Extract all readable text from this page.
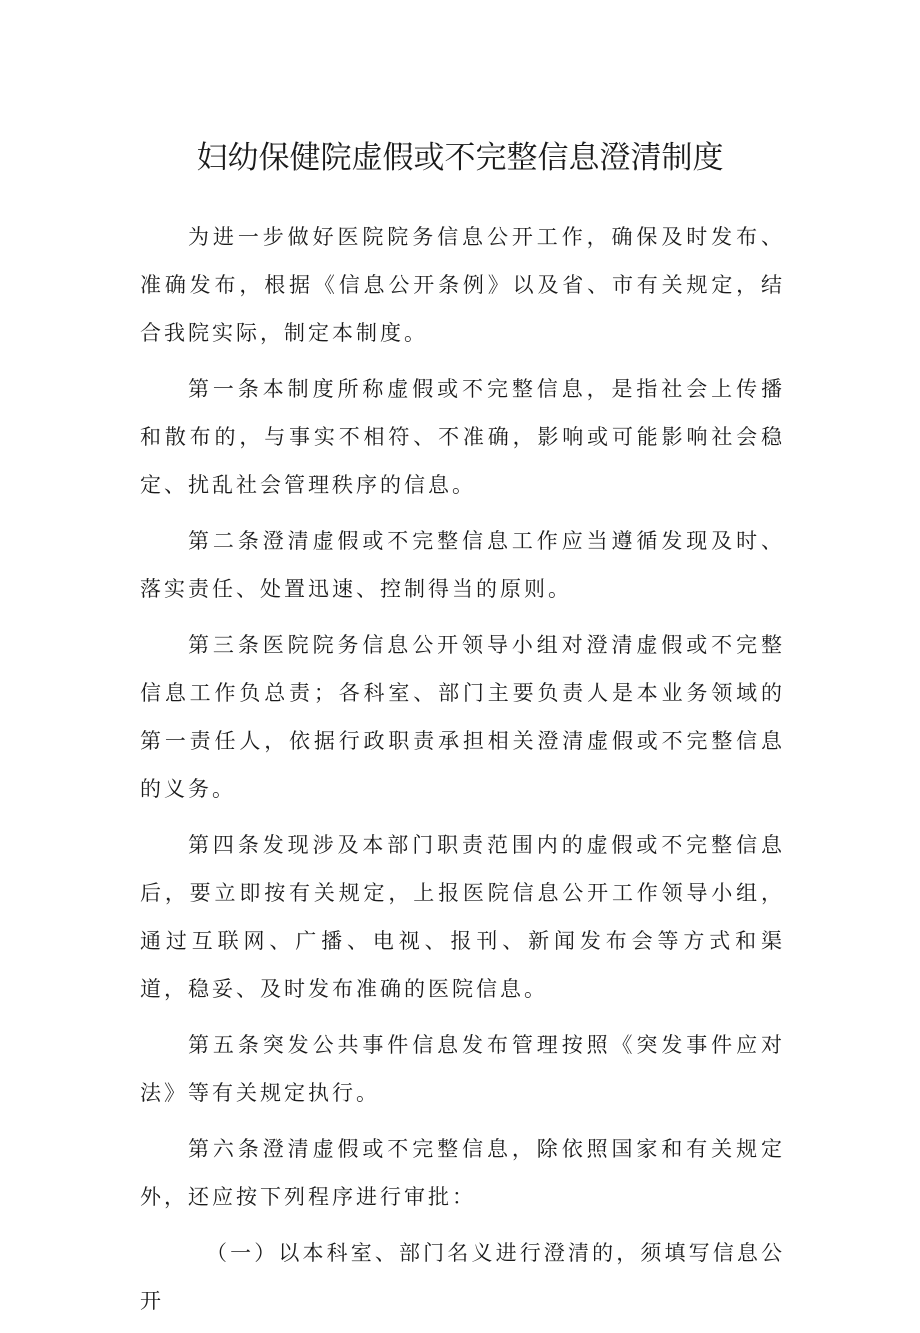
妇幼保健院虚假或不完整信息澄清制度

为进一步做好医院院务信息公开工作，确保及时发布、准确发布，根据《信息公开条例》以及省、市有关规定，结合我院实际，制定本制度。

第一条本制度所称虚假或不完整信息，是指社会上传播和散布的，与事实不相符、不准确，影响或可能影响社会稳定、扰乱社会管理秩序的信息。

第二条澄清虚假或不完整信息工作应当遵循发现及时、落实责任、处置迅速、控制得当的原则。

第三条医院院务信息公开领导小组对澄清虚假或不完整信息工作负总责；各科室、部门主要负责人是本业务领域的第一责任人，依据行政职责承担相关澄清虚假或不完整信息的义务。

第四条发现涉及本部门职责范围内的虚假或不完整信息后，要立即按有关规定，上报医院信息公开工作领导小组，通过互联网、广播、电视、报刊、新闻发布会等方式和渠道，稳妥、及时发布准确的医院信息。

第五条突发公共事件信息发布管理按照《突发事件应对法》等有关规定执行。

第六条澄清虚假或不完整信息，除依照国家和有关规定外，还应按下列程序进行审批：

（一）以本科室、部门名义进行澄清的，须填写信息公开
